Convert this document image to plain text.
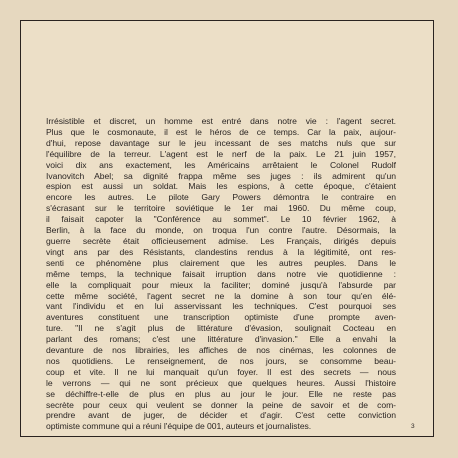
Irrésistible et discret, un homme est entré dans notre vie : l'agent secret.
Plus que le cosmonaute, il est le héros de ce temps. Car la paix, aujour-
d'hui, repose davantage sur le jeu incessant de ses matchs nuls que sur
l'équilibre de la terreur. L'agent est le nerf de la paix. Le 21 juin 1957,
voici dix ans exactement, les Américains arrêtaient le Colonel Rudolf
Ivanovitch Abel; sa dignité frappa même ses juges : ils admirent qu'un
espion est aussi un soldat. Mais les espions, à cette époque, c'étaient
encore les autres. Le pilote Gary Powers démontra le contraire en
s'écrasant sur le territoire soviétique le 1er mai 1960. Du même coup,
il faisait capoter la "Conférence au sommet". Le 10 février 1962, à
Berlin, à la face du monde, on troqua l'un contre l'autre. Désormais, la
guerre secrète était officieusement admise. Les Français, dirigés depuis
vingt ans par des Résistants, clandestins rendus à la légitimité, ont res-
senti ce phénomène plus clairement que les autres peuples. Dans le
même temps, la technique faisait irruption dans notre vie quotidienne :
elle la compliquait pour mieux la faciliter; dominé jusqu'à l'absurde par
cette même société, l'agent secret ne la domine à son tour qu'en élé-
vant l'individu et en lui asservissant les techniques. C'est pourquoi ses
aventures constituent une transcription optimiste d'une prompte aven-
ture. "Il ne s'agit plus de littérature d'évasion, soulignait Cocteau en
parlant des romans; c'est une littérature d'invasion." Elle a envahi la
devanture de nos librairies, les affiches de nos cinémas, les colonnes de
nos quotidiens. Le renseignement, de nos jours, se consomme beau-
coup et vite. Il ne lui manquait qu'un foyer. Il est des secrets — nous
le verrons — qui ne sont précieux que quelques heures. Aussi l'histoire
se déchiffre-t-elle de plus en plus au jour le jour. Elle ne reste pas
secrète pour ceux qui veulent se donner la peine de savoir et de com-
prendre avant de juger, de décider et d'agir. C'est cette conviction
optimiste commune qui a réuni l'équipe de 001, auteurs et journalistes.	3
